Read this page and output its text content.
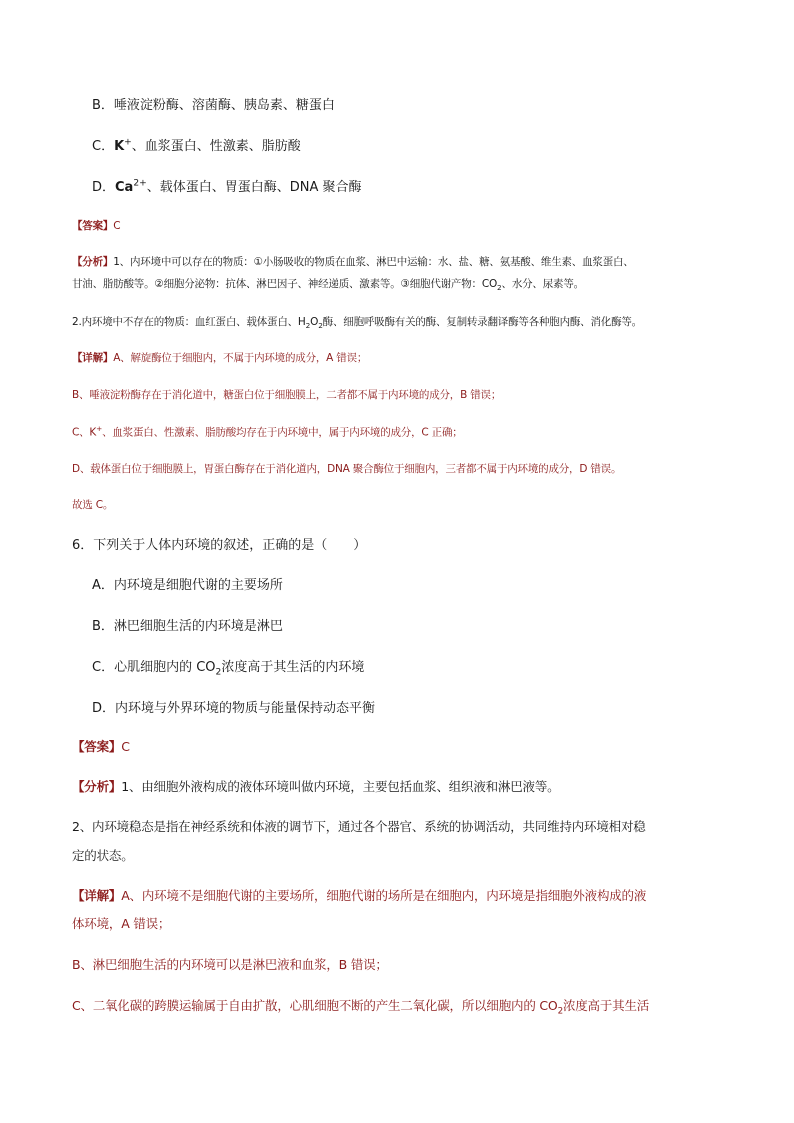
B．唾液淀粉酶、溶菌酶、胰岛素、糖蛋白
C．K+、血浆蛋白、性激素、脂肪酸
D．$Ca^{2+}$、载体蛋白、胃蛋白酶、DNA 聚合酶
【答案】C
【分析】1、内环境中可以存在的物质：①小肠吸收的物质在血浆、淋巴中运输：水、盐、糖、氨基酸、维生素、血浆蛋白、
甘油、脂肪酸等。②细胞分泌物：抗体、淋巴因子、神经递质、激素等。③细胞代谢产物：$CO_2$、水分、尿素等。
2.内环境中不存在的物质：血红蛋白、载体蛋白、$H_2O_2$酶、细胞呼吸酶有关的酶、复制转录翻译酶等各种胞内酶、消化酶等。
【详解】A、解旋酶位于细胞内，不属于内环境的成分，A 错误；
B、唾液淀粉酶存在于消化道中，糖蛋白位于细胞膜上，二者都不属于内环境的成分，B 错误；
C、K+、血浆蛋白、性激素、脂肪酸均存在于内环境中，属于内环境的成分，C 正确；
D、载体蛋白位于细胞膜上，胃蛋白酶存在于消化道内，DNA 聚合酶位于细胞内，三者都不属于内环境的成分，D 错误。
故选 C。
6．下列关于人体内环境的叙述，正确的是（　　）
A．内环境是细胞代谢的主要场所
B．淋巴细胞生活的内环境是淋巴
C．心肌细胞内的 $CO_2$浓度高于其生活的内环境
D．内环境与外界环境的物质与能量保持动态平衡
【答案】C
【分析】1、由细胞外液构成的液体环境叫做内环境，主要包括血浆、组织液和淋巴液等。
2、内环境稳态是指在神经系统和体液的调节下，通过各个器官、系统的协调活动，共同维持内环境相对稳
定的状态。
【详解】A、内环境不是细胞代谢的主要场所，细胞代谢的场所是在细胞内，内环境是指细胞外液构成的液
体环境，A 错误；
B、淋巴细胞生活的内环境可以是淋巴液和血浆，B 错误；
C、二氧化碳的跨膜运输属于自由扩散，心肌细胞不断的产生二氧化碳，所以细胞内的 $CO_2$浓度高于其生活
